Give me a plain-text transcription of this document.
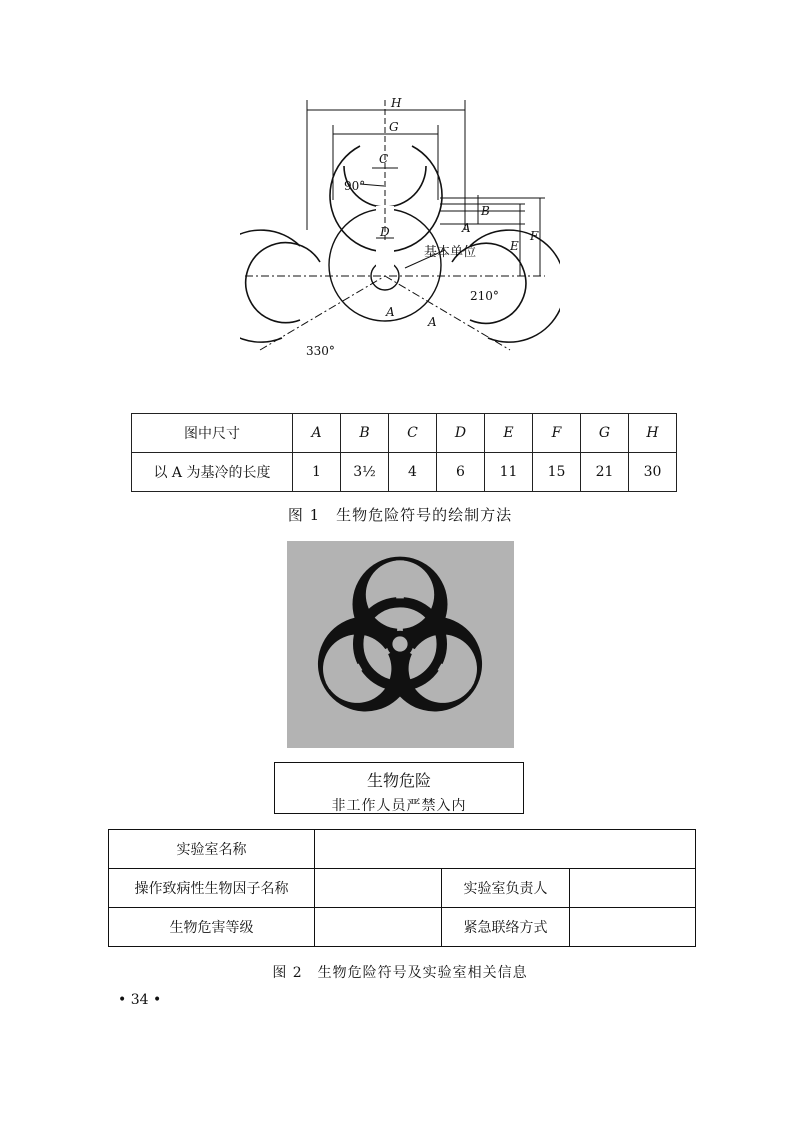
H
G
C
90°
B
A
E
F
D
A
A
210°
330°
基本单位
图中尺寸	A	B	C	D	E	F	G	H
以 A 为基冷的长度	1	3½	4	6	11	15	21	30
图 1　生物危险符号的绘制方法
生物危险
非工作人员严禁入内
实验室名称			
操作致病性生物因子名称		实验室负责人	
生物危害等级		紧急联络方式	
图 2　生物危险符号及实验室相关信息
• 34 •
